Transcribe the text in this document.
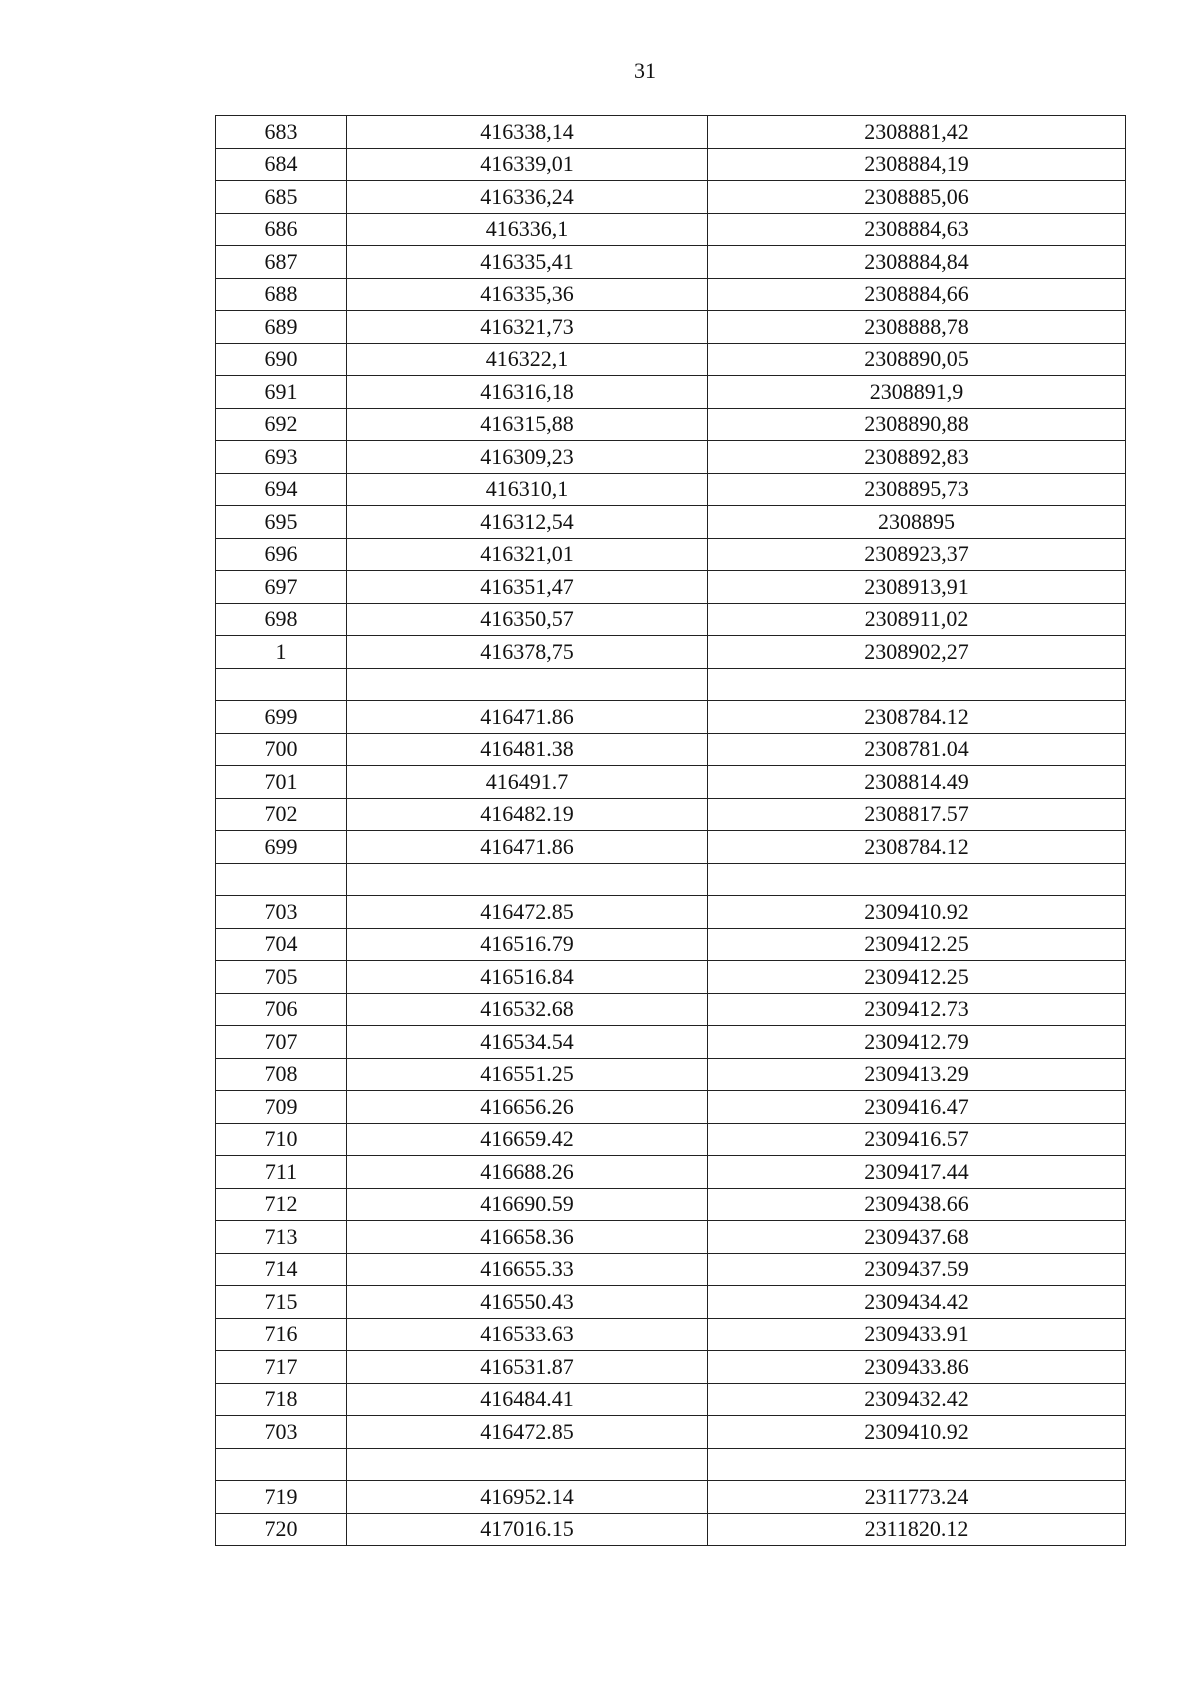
31
683	416338,14	2308881,42
684	416339,01	2308884,19
685	416336,24	2308885,06
686	416336,1	2308884,63
687	416335,41	2308884,84
688	416335,36	2308884,66
689	416321,73	2308888,78
690	416322,1	2308890,05
691	416316,18	2308891,9
692	416315,88	2308890,88
693	416309,23	2308892,83
694	416310,1	2308895,73
695	416312,54	2308895
696	416321,01	2308923,37
697	416351,47	2308913,91
698	416350,57	2308911,02
1	416378,75	2308902,27

699	416471.86	2308784.12
700	416481.38	2308781.04
701	416491.7	2308814.49
702	416482.19	2308817.57
699	416471.86	2308784.12

703	416472.85	2309410.92
704	416516.79	2309412.25
705	416516.84	2309412.25
706	416532.68	2309412.73
707	416534.54	2309412.79
708	416551.25	2309413.29
709	416656.26	2309416.47
710	416659.42	2309416.57
711	416688.26	2309417.44
712	416690.59	2309438.66
713	416658.36	2309437.68
714	416655.33	2309437.59
715	416550.43	2309434.42
716	416533.63	2309433.91
717	416531.87	2309433.86
718	416484.41	2309432.42
703	416472.85	2309410.92

719	416952.14	2311773.24
720	417016.15	2311820.12
